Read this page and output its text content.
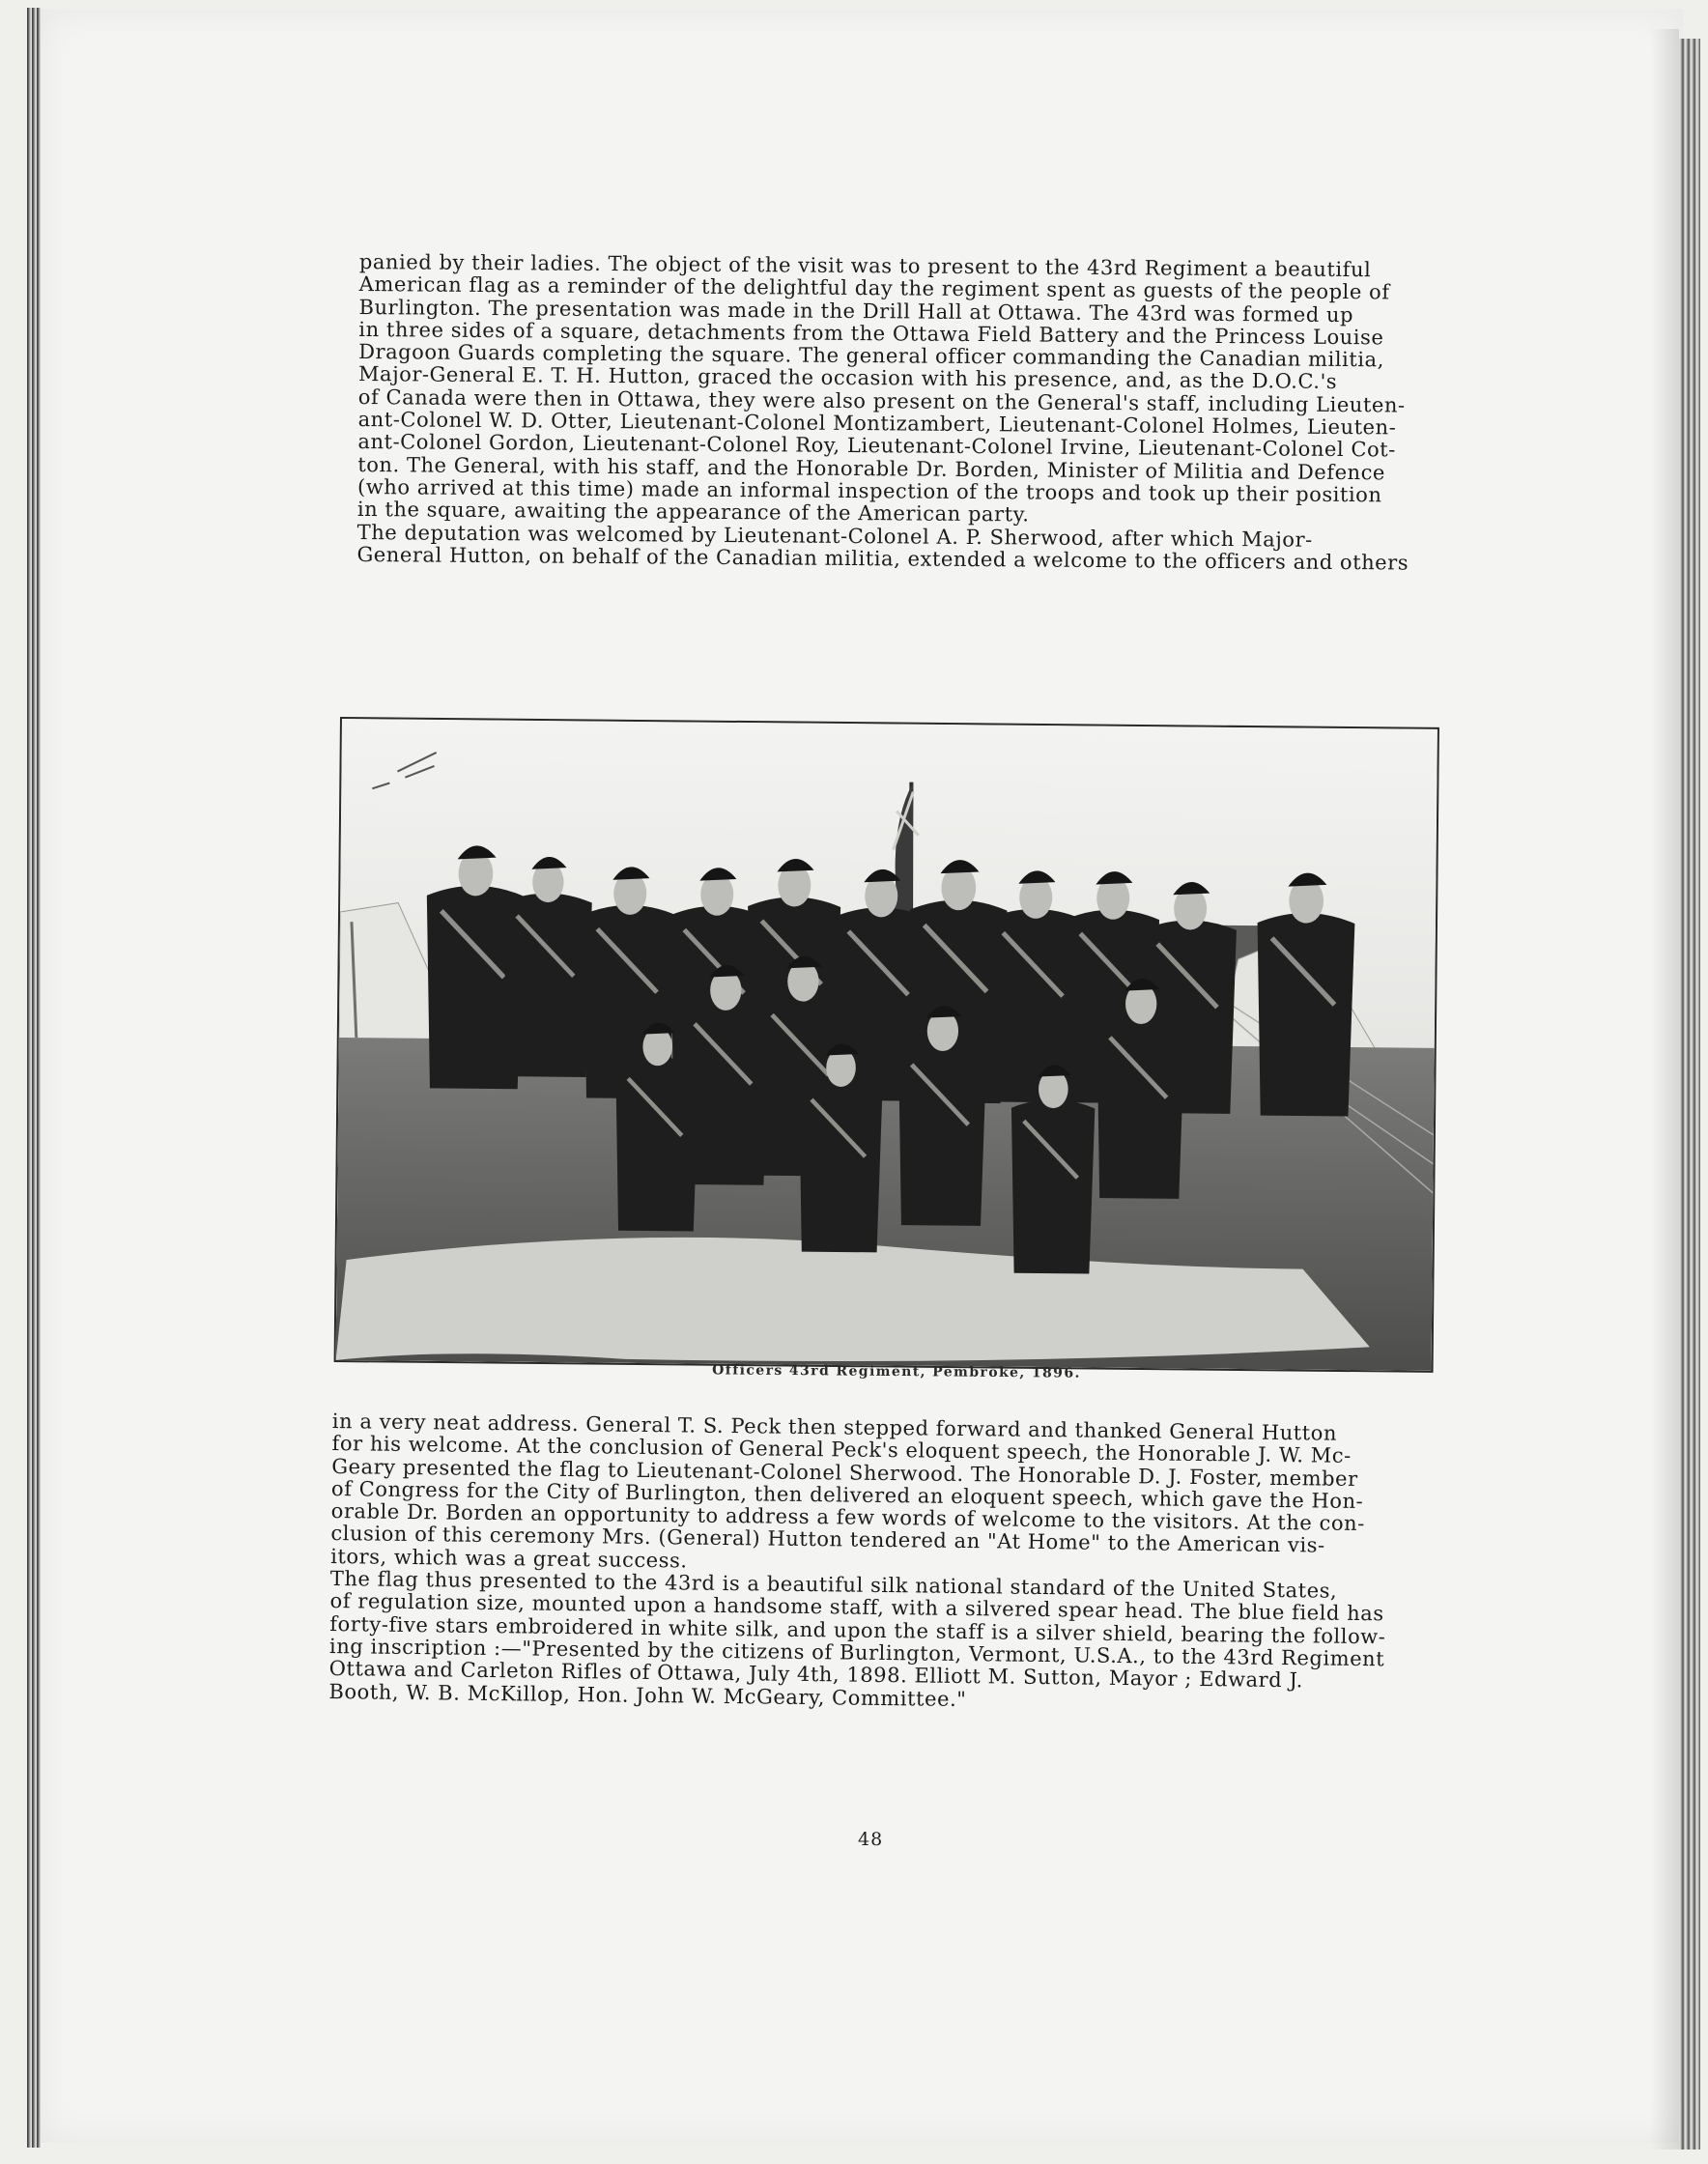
panied by their ladies. The object of the visit was to present to the 43rd Regiment a beautiful
American flag as a reminder of the delightful day the regiment spent as guests of the people of
Burlington. The presentation was made in the Drill Hall at Ottawa. The 43rd was formed up
in three sides of a square, detachments from the Ottawa Field Battery and the Princess Louise
Dragoon Guards completing the square. The general officer commanding the Canadian militia,
Major-General E. T. H. Hutton, graced the occasion with his presence, and, as the D.O.C.'s
of Canada were then in Ottawa, they were also present on the General's staff, including Lieuten-
ant-Colonel W. D. Otter, Lieutenant-Colonel Montizambert, Lieutenant-Colonel Holmes, Lieuten-
ant-Colonel Gordon, Lieutenant-Colonel Roy, Lieutenant-Colonel Irvine, Lieutenant-Colonel Cot-
ton. The General, with his staff, and the Honorable Dr. Borden, Minister of Militia and Defence
(who arrived at this time) made an informal inspection of the troops and took up their position
in the square, awaiting the appearance of the American party.

The deputation was welcomed by Lieutenant-Colonel A. P. Sherwood, after which Major-
General Hutton, on behalf of the Canadian militia, extended a welcome to the officers and others

Officers 43rd Regiment, Pembroke, 1896.

in a very neat address. General T. S. Peck then stepped forward and thanked General Hutton
for his welcome. At the conclusion of General Peck's eloquent speech, the Honorable J. W. Mc-
Geary presented the flag to Lieutenant-Colonel Sherwood. The Honorable D. J. Foster, member
of Congress for the City of Burlington, then delivered an eloquent speech, which gave the Hon-
orable Dr. Borden an opportunity to address a few words of welcome to the visitors. At the con-
clusion of this ceremony Mrs. (General) Hutton tendered an "At Home" to the American vis-
itors, which was a great success.

The flag thus presented to the 43rd is a beautiful silk national standard of the United States,
of regulation size, mounted upon a handsome staff, with a silvered spear head. The blue field has
forty-five stars embroidered in white silk, and upon the staff is a silver shield, bearing the follow-
ing inscription :—"Presented by the citizens of Burlington, Vermont, U.S.A., to the 43rd Regiment
Ottawa and Carleton Rifles of Ottawa, July 4th, 1898. Elliott M. Sutton, Mayor ; Edward J.
Booth, W. B. McKillop, Hon. John W. McGeary, Committee."

48
